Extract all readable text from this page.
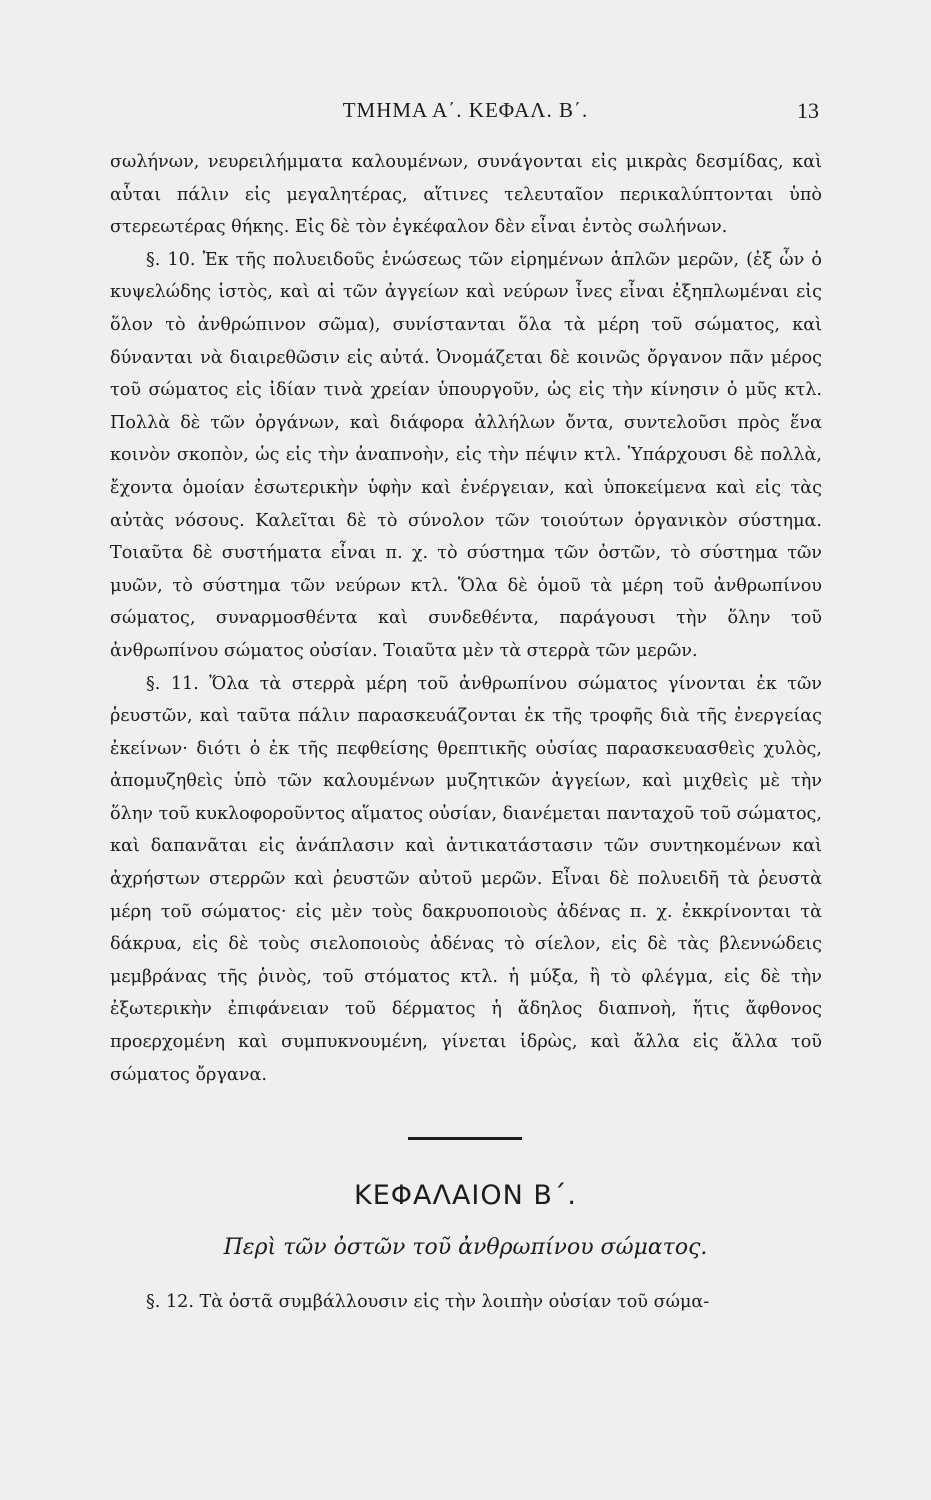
ΤΜΗΜΑ Α΄. ΚΕΦΑΛ. Β΄.	13

σωλήνων, νευρειλήμματα καλουμένων, συνάγονται εἰς μικρὰς δεσμίδας, καὶ αὗται πάλιν εἰς μεγαλητέρας, αἵτινες τελευταῖον περικαλύπτονται ὑπὸ στερεωτέρας θήκης. Εἰς δὲ τὸν ἐγκέφαλον δὲν εἶναι ἐντὸς σωλήνων.

§. 10. Ἐκ τῆς πολυειδοῦς ἑνώσεως τῶν εἰρημένων ἁπλῶν μερῶν, (ἐξ ὧν ὁ κυψελώδης ἱστὸς, καὶ αἱ τῶν ἀγγείων καὶ νεύρων ἶνες εἶναι ἐξηπλωμέναι εἰς ὅλον τὸ ἀνθρώπινον σῶμα), συνίστανται ὅλα τὰ μέρη τοῦ σώματος, καὶ δύνανται νὰ διαιρεθῶσιν εἰς αὐτά. Ὀνομάζεται δὲ κοινῶς ὄργανον πᾶν μέρος τοῦ σώματος εἰς ἰδίαν τινὰ χρείαν ὑπουργοῦν, ὡς εἰς τὴν κίνησιν ὁ μῦς κτλ. Πολλὰ δὲ τῶν ὀργάνων, καὶ διάφορα ἀλλήλων ὄντα, συντελοῦσι πρὸς ἕνα κοινὸν σκοπὸν, ὡς εἰς τὴν ἀναπνοὴν, εἰς τὴν πέψιν κτλ. Ὑπάρχουσι δὲ πολλὰ, ἔχοντα ὁμοίαν ἐσωτερικὴν ὑφὴν καὶ ἐνέργειαν, καὶ ὑποκείμενα καὶ εἰς τὰς αὐτὰς νόσους. Καλεῖται δὲ τὸ σύνολον τῶν τοιούτων ὀργανικὸν σύστημα. Τοιαῦτα δὲ συστήματα εἶναι π. χ. τὸ σύστημα τῶν ὀστῶν, τὸ σύστημα τῶν μυῶν, τὸ σύστημα τῶν νεύρων κτλ. Ὅλα δὲ ὁμοῦ τὰ μέρη τοῦ ἀνθρωπίνου σώματος, συναρμοσθέντα καὶ συνδεθέντα, παράγουσι τὴν ὅλην τοῦ ἀνθρωπίνου σώματος οὐσίαν. Τοιαῦτα μὲν τὰ στερρὰ τῶν μερῶν.

§. 11. Ὅλα τὰ στερρὰ μέρη τοῦ ἀνθρωπίνου σώματος γίνονται ἐκ τῶν ῥευστῶν, καὶ ταῦτα πάλιν παρασκευάζονται ἐκ τῆς τροφῆς διὰ τῆς ἐνεργείας ἐκείνων· διότι ὁ ἐκ τῆς πεφθείσης θρεπτικῆς οὐσίας παρασκευασθεὶς χυλὸς, ἀπομυζηθεὶς ὑπὸ τῶν καλουμένων μυζητικῶν ἀγγείων, καὶ μιχθεὶς μὲ τὴν ὅλην τοῦ κυκλοφοροῦντος αἵματος οὐσίαν, διανέμεται πανταχοῦ τοῦ σώματος, καὶ δαπανᾶται εἰς ἀνάπλασιν καὶ ἀντικατάστασιν τῶν συντηκομένων καὶ ἀχρήστων στερρῶν καὶ ῥευστῶν αὐτοῦ μερῶν. Εἶναι δὲ πολυειδῆ τὰ ῥευστὰ μέρη τοῦ σώματος· εἰς μὲν τοὺς δακρυοποιοὺς ἀδένας π. χ. ἐκκρίνονται τὰ δάκρυα, εἰς δὲ τοὺς σιελοποιοὺς ἀδένας τὸ σίελον, εἰς δὲ τὰς βλεννώδεις μεμβράνας τῆς ῥινὸς, τοῦ στόματος κτλ. ἡ μύξα, ἢ τὸ φλέγμα, εἰς δὲ τὴν ἐξωτερικὴν ἐπιφάνειαν τοῦ δέρματος ἡ ἄδηλος διαπνοὴ, ἥτις ἄφθονος προερχομένη καὶ συμπυκνουμένη, γίνεται ἱδρὼς, καὶ ἄλλα εἰς ἄλλα τοῦ σώματος ὄργανα.

ΚΕΦΑΛΑΙΟΝ Β΄.
Περὶ τῶν ὀστῶν τοῦ ἀνθρωπίνου σώματος.
§. 12. Τὰ ὀστᾶ συμβάλλουσιν εἰς τὴν λοιπὴν οὐσίαν τοῦ σώμα-
